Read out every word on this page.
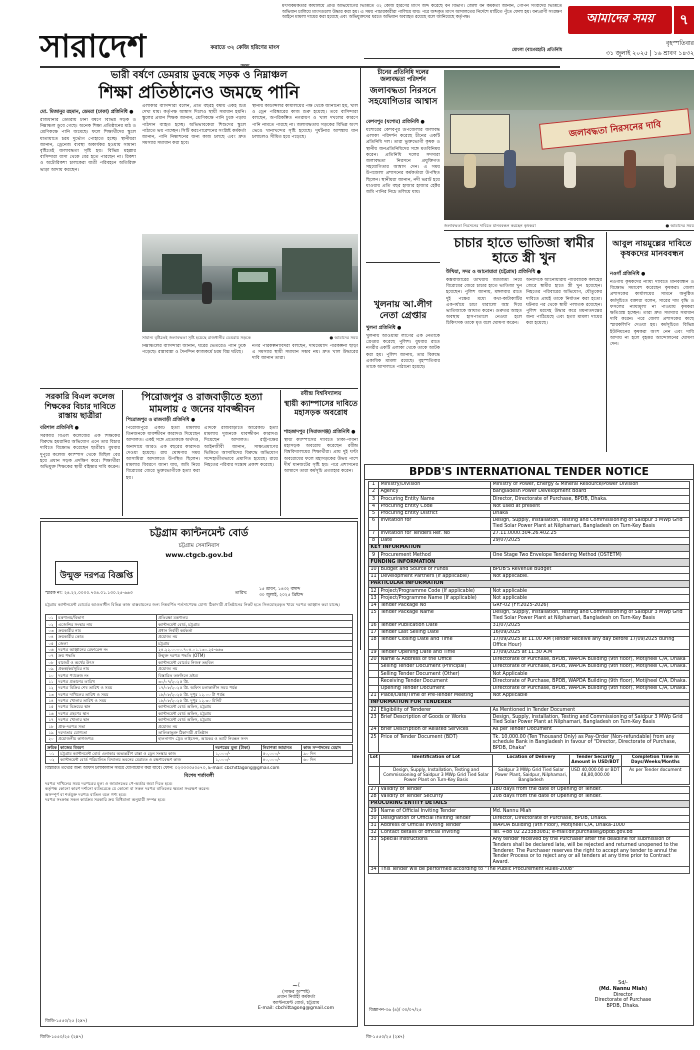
সারাদেশ	করাতে ৩২ কেজি হরিণের মাংস
মৎস্যকর্মকর্তার কার্যালয়ে প্রাপ্ত অভিযোগের ভিত্তিতে ৩২ কেজি হরিণের মাংস জব্দ করেছে বন বিভাগ। জেলা বন কর্মকর্তা জানান, গোপন সংবাদের ভিত্তিতে অভিযান চালিয়ে মাংসগুলো উদ্ধার করা হয়। এ সময় পাচারকারীরা পালিয়ে যায়। পরে জব্দকৃত মাংস আদালতের নির্দেশে মাটিতে পুঁতে ফেলা হয়। বন্যপ্রাণী সংরক্ষণ আইনে মামলা দায়ের করা হয়েছে এবং অভিযুক্তদের ধরতে অভিযান অব্যাহত রয়েছে বলে জানিয়েছে কর্তৃপক্ষ।
মোংলা (বাগেরহাট) প্রতিনিধি
আমাদের সময়	৭
বৃহস্পতিবার
৩১ জুলাই ২০২৫ | ১৬ শ্রাবণ ১৪৩২
ভারী বর্ষণে ডেমরায় ডুবছে সড়ক ও নিম্নাঞ্চল
শিক্ষা প্রতিষ্ঠানেও জমছে পানি
মো. মিজানুর রহমান, ডেমরা (ঢাকা) প্রতিনিধি ●
রাজধানীর ডেমরায় টানা বর্ষণে বিভিন্ন সড়ক ও নিম্নাঞ্চল ডুবে গেছে। অনেক শিক্ষা প্রতিষ্ঠানের মাঠ ও শ্রেণিকক্ষে পানি জমেছে। ফলে শিক্ষার্থীদের স্কুলে যাতায়াতে চরম দুর্ভোগ পোহাতে হচ্ছে। স্থানীয়রা জানান, ড্রেনেজ ব্যবস্থা অকার্যকর হওয়ায় সামান্য বৃষ্টিতেই জলাবদ্ধতা সৃষ্টি হয়। বিভিন্ন মহল্লার বাসিন্দারা বাসা থেকে বের হতে পারছেন না। রিকশা ও অটোরিকশা চালকেরা যাত্রী পরিবহনে অতিরিক্ত ভাড়া আদায় করছেন।
এলাকার বাসিন্দারা বলেন, প্রতি বছরই বর্ষায় একই চিত্র দেখা যায়। কর্তৃপক্ষ আশ্বাস দিলেও স্থায়ী সমাধান হয়নি। স্কুলের প্রধান শিক্ষক জানান, শ্রেণিকক্ষে পানি ঢুকে পড়ায় পাঠদান ব্যাহত হচ্ছে। অভিভাবকেরা শিশুদের স্কুলে পাঠাতে ভয় পাচ্ছেন। সিটি করপোরেশনের সংশ্লিষ্ট কর্মকর্তা জানান, পানি নিষ্কাশনের জন্য কাজ চলছে এবং দ্রুত সমস্যার সমাধান করা হবে।
স্থানীয় কাউন্সিলর কার্যালয়ের পক্ষ থেকে জানানো হয়, খাল ও ড্রেন পরিষ্কারের কাজ শুরু হয়েছে। তবে বাসিন্দারা বলছেন, অপরিকল্পিত নগরায়ণ ও খাল দখলের কারণে পানি নামতে পারছে না। জলাবদ্ধতায় সড়কের বিভিন্ন অংশ ভেঙে খানাখন্দের সৃষ্টি হয়েছে। দুর্ঘটনার আশঙ্কায় যান চলাচলও সীমিত হয়ে পড়েছে।
সামান্য বৃষ্টিতেই জলাবদ্ধতা সৃষ্টি হয়েছে রাজধানীর ডেমরায় সড়কে	● আমাদের সময়
নিম্নাঞ্চলের বাসিন্দারা জানান, ঘরের ভেতরেও পানি ঢুকে পড়েছে। রান্নাবান্না ও দৈনন্দিন কাজকর্মে চরম বিঘ্ন ঘটছে।
নগর পরিকল্পনাবিদরা বলছেন, দীর্ঘমেয়াদি পরিকল্পনা ছাড়া এ সমস্যার স্থায়ী সমাধান সম্ভব নয়। দ্রুত খাল উদ্ধারের দাবি জানান তারা।
চীনের প্রতিনিধি দলের জলাবদ্ধতা পরিদর্শন
জলাবদ্ধতা নিরসনে সহযোগিতার আশ্বাস
কেশবপুর (যশোর) প্রতিনিধি ●
যশোরের কেশবপুর উপজেলার জলাবদ্ধ এলাকা পরিদর্শন করেছে চীনের একটি প্রতিনিধি দল। তারা ভুক্তভোগী কৃষক ও স্থানীয় জনপ্রতিনিধিদের সঙ্গে মতবিনিময় করেন। প্রতিনিধি দলের সদস্যরা জলাবদ্ধতা নিরসনে প্রযুক্তিগত সহযোগিতার আশ্বাস দেন। এ সময় উপজেলা প্রশাসনের কর্মকর্তারা উপস্থিত ছিলেন। স্থানীয়রা জানান, নদী ভরাট হয়ে যাওয়ায় প্রতি বছর হাজার হাজার হেক্টর জমি পানির নিচে তলিয়ে যায়।
জলাবদ্ধতা নিরসনের দাবি
জলাবদ্ধতা নিরসনের দাবিতে মানববন্ধন করছেন কৃষকরা	● আমাদের সময়
খুলনায় আ.লীগ নেতা গ্রেপ্তার
খুলনা প্রতিনিধি ●
খুলনায় আওয়ামী লীগের এক নেতাকে গ্রেপ্তার করেছে পুলিশ। বুধবার রাতে নগরীর একটি এলাকা থেকে তাকে আটক করা হয়। পুলিশ জানায়, তার বিরুদ্ধে একাধিক মামলা রয়েছে। বৃহস্পতিবার তাকে আদালতে পাঠানো হয়েছে।
চাচার হাতে ভাতিজা স্বামীর হাতে স্ত্রী খুন
উখিয়া, সদর ও আনোয়ারা (চট্টগ্রাম) প্রতিনিধি ●
কক্সবাজারের উখিয়ায় জমিজমা নিয়ে বিরোধের জেরে চাচার হাতে ভাতিজা খুন হয়েছেন। পুলিশ জানায়, মঙ্গলবার রাতে দুই পক্ষের মধ্যে কথা-কাটাকাটির একপর্যায়ে চাচা ধারালো অস্ত্র দিয়ে ভাতিজাকে আঘাত করেন। গুরুতর আহত অবস্থায় হাসপাতালে নেওয়া হলে চিকিৎসক তাকে মৃত বলে ঘোষণা করেন।
অন্যদিকে আনোয়ারায় পারিবারিক কলহের জেরে স্বামীর হাতে স্ত্রী খুন হয়েছেন। নিহতের পরিবারের অভিযোগ, যৌতুকের দাবিতে প্রায়ই তাকে নির্যাতন করা হতো। ঘটনার পর থেকে স্বামী পলাতক রয়েছেন। পুলিশ মরদেহ উদ্ধার করে ময়নাতদন্তের জন্য পাঠিয়েছে এবং হত্যা মামলা দায়ের করা হয়েছে।
আবুল নায়মুল্লের দাবিতে কৃষকদের মানববন্ধন
নওগাঁ প্রতিনিধি ●
নওগাঁয় কৃষকদের ন্যায্য দাবিতে মানববন্ধন ও বিক্ষোভ সমাবেশ করেছেন কৃষকরা। জেলা প্রশাসকের কার্যালয়ের সামনে অনুষ্ঠিত কর্মসূচিতে বক্তারা বলেন, সারের দাম বৃদ্ধি ও ফসলের ন্যায্যমূল্য না পাওয়ায় কৃষকরা ক্ষতিগ্রস্ত হচ্ছেন। তারা দ্রুত সমস্যার সমাধান দাবি করেন। পরে জেলা প্রশাসকের কাছে স্মারকলিপি দেওয়া হয়। কর্মসূচিতে বিভিন্ন ইউনিয়নের কৃষকরা অংশ নেন এবং দাবি আদায় না হলে বৃহত্তর আন্দোলনের ঘোষণা দেন।
সরকারি বিএল কলেজ শিক্ষকের বিচার দাবিতে রাস্তায় ছাত্রীরা
বরিশাল প্রতিনিধি ●
সরকারি বিএল কলেজের এক শিক্ষকের বিরুদ্ধে হয়রানির অভিযোগ এনে তার বিচার দাবিতে বিক্ষোভ করেছেন ছাত্রীরা। বুধবার দুপুরে কলেজ ক্যাম্পাস থেকে মিছিল বের হয়ে প্রধান সড়ক প্রদক্ষিণ করে। শিক্ষার্থীরা অভিযুক্ত শিক্ষকের স্থায়ী বহিষ্কার দাবি করেন।
পিরোজপুর ও রাজবাড়ীতে হত্যা মামলায় ৫ জনের যাবজ্জীবন
পিরোজপুর ও রাজবাড়ী প্রতিনিধি ●
পিরোজপুরে একটি হত্যা মামলায় তিনজনকে যাবজ্জীবন কারাদণ্ড দিয়েছেন আদালত। একই সঙ্গে প্রত্যেককে অর্থদণ্ড, অনাদায়ে আরও এক বছরের কারাদণ্ড দেওয়া হয়েছে। রায় ঘোষণার সময় আসামিরা আদালতে উপস্থিত ছিলেন। মামলার বিবরণে জানা যায়, জমি নিয়ে বিরোধের জেরে ভুক্তভোগীকে হত্যা করা হয়।
এদিকে রাজবাড়ীতে আরেকটি হত্যা মামলায় দুজনকে যাবজ্জীবন কারাদণ্ড দিয়েছেন আদালত। রাষ্ট্রপক্ষের আইনজীবী জানান, সাক্ষ্যপ্রমাণের ভিত্তিতে আসামিদের বিরুদ্ধে অভিযোগ সন্দেহাতীতভাবে প্রমাণিত হয়েছে। রায়ে নিহতের পরিবার সন্তোষ প্রকাশ করেছে।
রবীন্দ্র বিশ্ববিদ্যালয়
স্থায়ী ক্যাম্পাসের দাবিতে মহাসড়ক অবরোধ
শাহজাদপুর (সিরাজগঞ্জ) প্রতিনিধি ●
স্থায়ী ক্যাম্পাসের দাবিতে ঢাকা-পাবনা মহাসড়ক অবরোধ করেছেন রবীন্দ্র বিশ্ববিদ্যালয়ের শিক্ষার্থীরা। প্রায় দুই ঘণ্টা অবরোধের ফলে মহাসড়কের উভয় পাশে দীর্ঘ যানজটের সৃষ্টি হয়। পরে প্রশাসনের আশ্বাসে তারা কর্মসূচি প্রত্যাহার করেন।
চট্টগ্রাম ক্যান্টনমেন্ট বোর্ড
চট্টগ্রাম সেনানিবাস
www.ctgcb.gov.bd
উন্মুক্ত দরপত্র বিজ্ঞপ্তি
স্মারক নং: ২৪.২২.০০০০.৭০৪.০১.১৩০.২৫-৬৬৩	তারিখ:
১৫ শ্রাবণ, ১৪৩২ বঙ্গাব্দ
৩০ জুলাই, ২০২৫ খ্রিষ্টাব্দ
চট্টগ্রাম ক্যান্টনমেন্ট বোর্ডের আওতাধীন বিভিন্ন কাজ বাস্তবায়নের জন্য নিম্নবর্ণিত শর্তসাপেক্ষে যোগ্য ঠিকাদারী প্রতিষ্ঠানের নিকট হতে সিলমোহরকৃত খামে দরপত্র আহ্বান করা যাচ্ছে।
০১	মন্ত্রণালয়/বিভাগ	প্রতিরক্ষা মন্ত্রণালয়
০২	এজেন্সির সংস্থার নাম	ক্যান্টনমেন্ট বোর্ড, চট্টগ্রাম
০৩	ক্রয়কারীর নাম	প্রধান নির্বাহী কর্মকর্তা
০৪	ক্রয়কারীর কোড	প্রযোজ্য নয়
০৫	জেলা	চট্টগ্রাম
০৬	দরপত্র আহ্বানের রেফারেন্স নং	২৪.২২.০০০০.৭০৪.০১.১৩০.২৫-৬৬৩
০৭	ক্রয় পদ্ধতি	উন্মুক্ত দরপত্র পদ্ধতি (OTM)
০৮	বাজেট ও অর্থের উৎস	ক্যান্টনমেন্ট বোর্ডের নিজস্ব তহবিল
০৯	প্রকল্প/কর্মসূচির নাম	প্রযোজ্য নয়
১০	দরপত্র প্যাকেজ নং	বিস্তারিত তফসিলে দ্রষ্টব্য
১১	দরপত্র প্রকাশের তারিখ	৩০/০৭/২০২৫ খ্রি.
১২	দরপত্র বিক্রির শেষ তারিখ ও সময়	১৭/০৮/২০২৫ খ্রি. অফিস চলাকালীন সময় পর্যন্ত
১৩	দরপত্র দাখিলের তারিখ ও সময়	১৮/০৮/২০২৫ খ্রি. দুপুর ১২.০০ টা পর্যন্ত
১৪	দরপত্র খোলার তারিখ ও সময়	১৮/০৮/২০২৫ খ্রি. দুপুর ১২.৩০ মিনিট
১৫	দরপত্র বিক্রয়ের স্থান	ক্যান্টনমেন্ট বোর্ড অফিস, চট্টগ্রাম
১৬	দরপত্র গ্রহণের স্থান	ক্যান্টনমেন্ট বোর্ড অফিস, চট্টগ্রাম
১৭	দরপত্র খোলার স্থান	ক্যান্টনমেন্ট বোর্ড অফিস, চট্টগ্রাম
১৮	প্রাক-দরপত্র সভা	প্রযোজ্য নয়
১৯	দরদাতার যোগ্যতা	তালিকাভুক্ত ঠিকাদারী প্রতিষ্ঠান
২০	প্রয়োজনীয় কাগজপত্র	হালনাগাদ ট্রেড লাইসেন্স, আয়কর ও ভ্যাট নিবন্ধন সনদ
ক্রমিক	কাজের বিবরণ	দরপত্রের মূল্য (টাকা)	নিরাপত্তা জামানত	কাজ সম্পাদনের মেয়াদ
০১	চট্টগ্রাম ক্যান্টনমেন্ট বোর্ড এলাকার অভ্যন্তরীণ রাস্তা ও ড্রেন সংস্কার কাজ	১,০০০/-	৫০,০০০/-	৯০ দিন
০২	ক্যান্টনমেন্ট বোর্ড পরিচালিত বিদ্যালয় ভবনের মেরামত ও রক্ষণাবেক্ষণ কাজ	১,০০০/-	৪০,০০০/-	৬০ দিন
বিস্তারিত তথ্যের জন্য অফিস চলাকালীন সময়ে যোগাযোগ করা যাবে। ফোন: ০২৩৩৩৩৫০৫৭০, E-mail: cbchittagong@gmail.com
বিশেষ শর্তাবলী
দরপত্র দাখিলের সময় দরপত্রের মূল্য ও জামানতের পে-অর্ডার জমা দিতে হবে।
কর্তৃপক্ষ কোনো কারণ দর্শানো ব্যতিরেকে যে কোনো বা সকল দরপত্র বাতিলের ক্ষমতা সংরক্ষণ করেন।
অসম্পূর্ণ বা শর্তযুক্ত দরপত্র বাতিল বলে গণ্য হবে।
দরপত্র সংক্রান্ত সকল কার্যক্রম সরকারি ক্রয় বিধিমালা অনুযায়ী সম্পন্ন হবে।
~ᶩ
(সাক্ষর অস্পষ্ট)
প্রধান নির্বাহী কর্মকর্তা
ক্যান্টনমেন্ট বোর্ড, চট্টগ্রাম
E-mail: cbchittagong@gmail.com
জিডি-১৫৫০/২৫ (২x৭)
BPDB'S INTERNATIONAL TENDER NOTICE
1	Ministry/Division	Ministry of Power, Energy & Mineral Resource/Power Division
2	Agency	Bangladesh Power Development Board
3	Procuring Entity Name	Director, Directorate of Purchase, BPDB, Dhaka.
4	Procuring Entity Code	Not used at present
5	Procuring Entity District	Dhaka
6	Invitation for	Design, Supply, Installation, Testing and Commissioning of Saidpur 3 MWp Grid Tied Solar Power Plant at Nilphamari, Bangladesh on Turn-Key Basis
7	Invitation for Tenders Ref. No	27.11.0000.304.26.402.25
8	Date	29/07/2025
KEY INFORMATION		
9	Procurement Method	One Stage Two Envelope Tendering Method (OSTETM)
FUNDING INFORMATION		
10	Budget and Source of Funds	BPDB'S Revenue Budget
11	Development Partners (If applicable)	Not applicable.
PARTICULAR INFORMATION		
12	Project/Programme Code (If applicable)	Not applicable
13	Project/Programme Name (If applicable)	Not applicable
14	Tender Package No	GRF-02 (FY:2025-2026)
15	Tender Package Name	Design, Supply, Installation, Testing and Commissioning of Saidpur 3 MWp Grid Tied Solar Power Plant at Nilphamari, Bangladesh on Turn-Key Basis
16	Tender Publication Date	31/07/2025
17	Tender Last Selling Date	16/09/2025
18	Tender Closing Date and Time	17/09/2025 at 11.00 AM (Tender Receive any day before 17/09/2025 during Office Hour)
19	Tender Opening Date and Time	17/09/2025 at 11.30 A.M
20	Name & Address of the Office	Directorate of Purchase, BPDB, WAPDA Building (9th floor), Motijheel C/A, Dhaka
	Selling Tender Document (Principal)	Directorate of Purchase, BPDB, WAPDA Building (9th floor), Motijheel C/A, Dhaka.
	Selling Tender Document (Other)	Not Applicable
	Receiving Tender Document	Directorate of Purchase, BPDB, WAPDA Building (9th floor), Motijheel C/A, Dhaka.
	Opening Tender Document	Directorate of Purchase, BPDB, WAPDA Building (9th floor), Motijheel C/A, Dhaka.
21	Place/Date/Time of Pre-Tender Meeting	Not Applicable
INFORMATION FOR TENDERER		
22	Eligibility of Tenderer	As Mentioned in Tender Document
23	Brief Description of Goods or Works	Design, Supply, Installation, Testing and Commissioning of Saidpur 3 MWp Grid Tied Solar Power Plant at Nilphamari, Bangladesh on Turn-Key Basis
24	Brief Description of Related Services	As per Tender Document
25	Price of Tender Document (BDT)	Tk. 10,000.00 (Ten Thousand Only) as Pay-Order (Non-refundable) from any schedule Bank in Bangladesh in favour of "Director, Directorate of Purchase, BPDB, Dhaka"
Lot	Identification of Lot	Location of Delivery	Tender Security Amount in USD/BDT	Completion Time in Days/Weeks/Months
	Design, Supply, Installation, Testing and Commissioning of Saidpur 3 MWp Grid Tied Solar Power Plant on Turn-Key Basis	Saidpur 3 MWp Grid Tied Solar Power Plant, Saidpur, Nilphamari, Bangladesh	USD 40,000.00 or BDT 48,80,000.00	As per Tender document
27	Validity of Tender	180 days from the date of Opening of Tender.
28	Validity of Tender Security	208 days from the date of Opening of Tender.
PROCURING ENTITY DETAILS		
29	Name of Official Inviting Tender	Md. Nannu Miah
30	Designation of Official Inviting Tender	Director, Directorate of Purchase, BPDB, Dhaka.
31	Address of Official Inviting Tender	WAPDA Building (9th Floor), Motijheel C/A, Dhaka-1000
32	Contact details of official Inviting	Tel. +88 02 223383081; e-mail:dir.purchase@bpdb.gov.bd
33	Special Instructions	Any tender received by the Purchaser after the deadline for submission of Tenders shall be declared late, will be rejected and returned unopened to the Tenderer. The Purchaser reserves the right to accept any tender to annul the Tender Process or to reject any or all tenders at any time prior to Contract Award.
34	This Tender will be performed according to "The Public Procurement Rules-2008"	
Sd/-
(Md. Nannu Miah)
Director
Directorate of Purchase
BPDB, Dhaka.
বিজ্ঞাপন-৩৬ (৪)/ ৩০/০৭/২৫
জিডি-১৫৫০/২৫ (২x৭)	জি-১৫৫০/২৫ (২x৭)
